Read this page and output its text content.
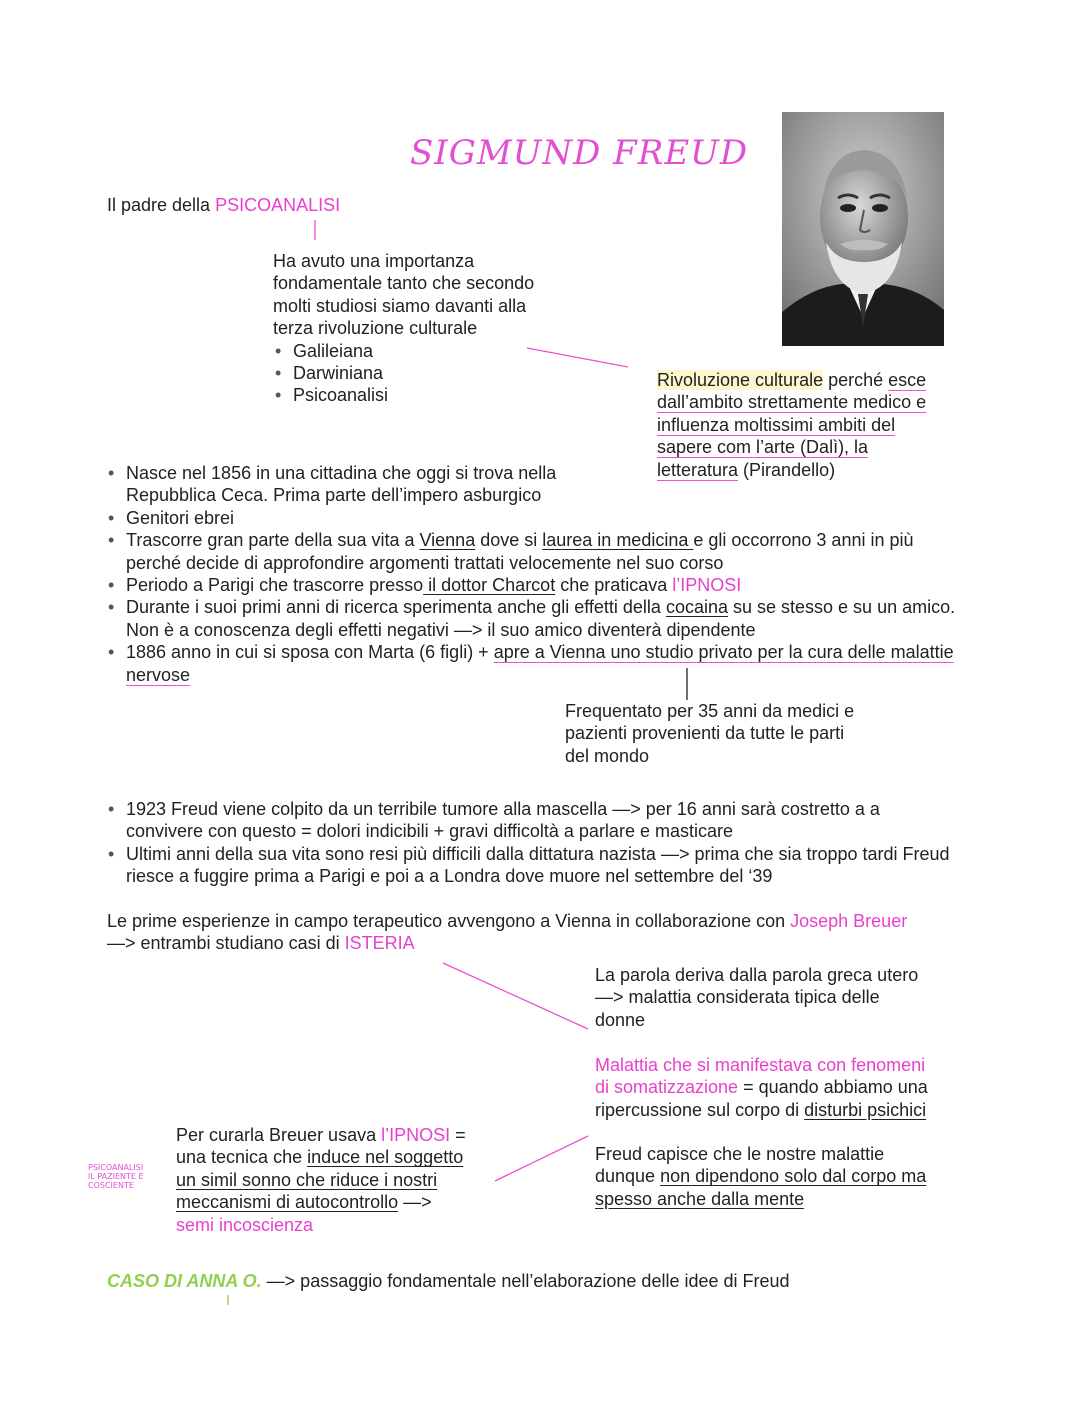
SIGMUND FREUD
Il padre della PSICOANALISI
Ha avuto una importanza
fondamentale tanto che secondo
molti studiosi siamo davanti alla
terza rivoluzione culturale
• Galileiana
• Darwiniana
• Psicoanalisi
Rivoluzione culturale perché esce
dall’ambito strettamente medico e
influenza moltissimi ambiti del
sapere com l’arte (Dalì), la
letteratura (Pirandello)
• Nasce nel 1856 in una cittadina che oggi si trova nella Repubblica Ceca. Prima parte dell’impero asburgico
• Genitori ebrei
• Trascorre gran parte della sua vita a Vienna dove si laurea in medicina e gli occorrono 3 anni in più perché decide di approfondire argomenti trattati velocemente nel suo corso
• Periodo a Parigi che trascorre presso il dottor Charcot che praticava l’IPNOSI
• Durante i suoi primi anni di ricerca sperimenta anche gli effetti della cocaina su se stesso e su un amico. Non è a conoscenza degli effetti negativi —> il suo amico diventerà dipendente
• 1886 anno in cui si sposa con Marta (6 figli) + apre a Vienna uno studio privato per la cura delle malattie nervose
Frequentato per 35 anni da medici e
pazienti provenienti da tutte le parti
del mondo
• 1923 Freud viene colpito da un terribile tumore alla mascella —> per 16 anni sarà costretto a a convivere con questo = dolori indicibili + gravi difficoltà a parlare e masticare
• Ultimi anni della sua vita sono resi più difficili dalla dittatura nazista —> prima che sia troppo tardi Freud riesce a fuggire prima a Parigi e poi a a Londra dove muore nel settembre del ‘39
Le prime esperienze in campo terapeutico avvengono a Vienna in collaborazione con Joseph Breuer
—> entrambi studiano casi di ISTERIA
La parola deriva dalla parola greca utero
—> malattia considerata tipica delle
donne
Malattia che si manifestava con fenomeni
di somatizzazione = quando abbiamo una
ripercussione sul corpo di disturbi psichici
Per curarla Breuer usava l’IPNOSI =
una tecnica che induce nel soggetto
un simil sonno che riduce i nostri
meccanismi di autocontrollo —>
semi incoscienza
PSICOANALISI
IL PAZIENTE È
COSCIENTE
Freud capisce che le nostre malattie
dunque non dipendono solo dal corpo ma
spesso anche dalla mente
CASO DI ANNA O. —> passaggio fondamentale nell’elaborazione delle idee di Freud
